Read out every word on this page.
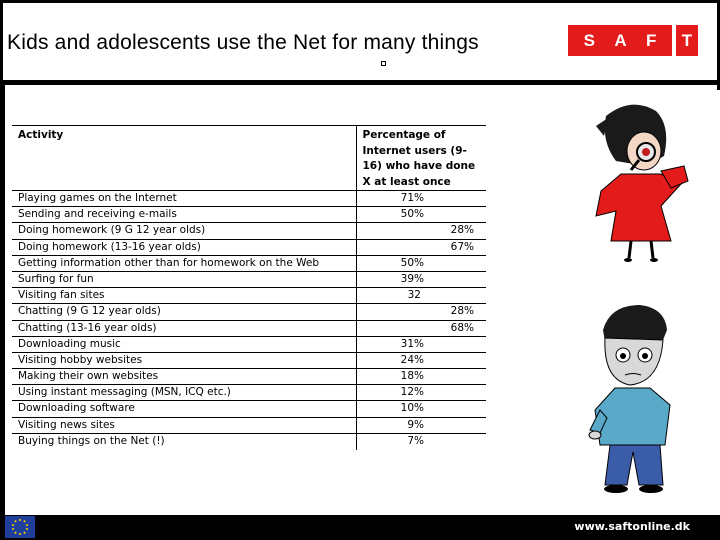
Kids and adolescents use the Net for many things	S A F T
Activity	Percentage of Internet users (9-16) who have done X at least once
Playing games on the Internet	71%

Sending and receiving e-mails	50%

Doing homework (9 G 12 year olds)	28%

Doing homework (13-16 year olds)	67%

Getting information other than for homework on the Web	50%

Surfing for fun	39%

Visiting fan sites	32

Chatting (9 G 12 year olds)	28%

Chatting (13-16 year olds)	68%

Downloading music	31%

Visiting hobby websites	24%

Making their own websites	18%

Using instant messaging (MSN, ICQ etc.)	12%

Downloading software	10%

Visiting news sites	9%

Buying things on the Net (!)	7%
www.saftonline.dk
